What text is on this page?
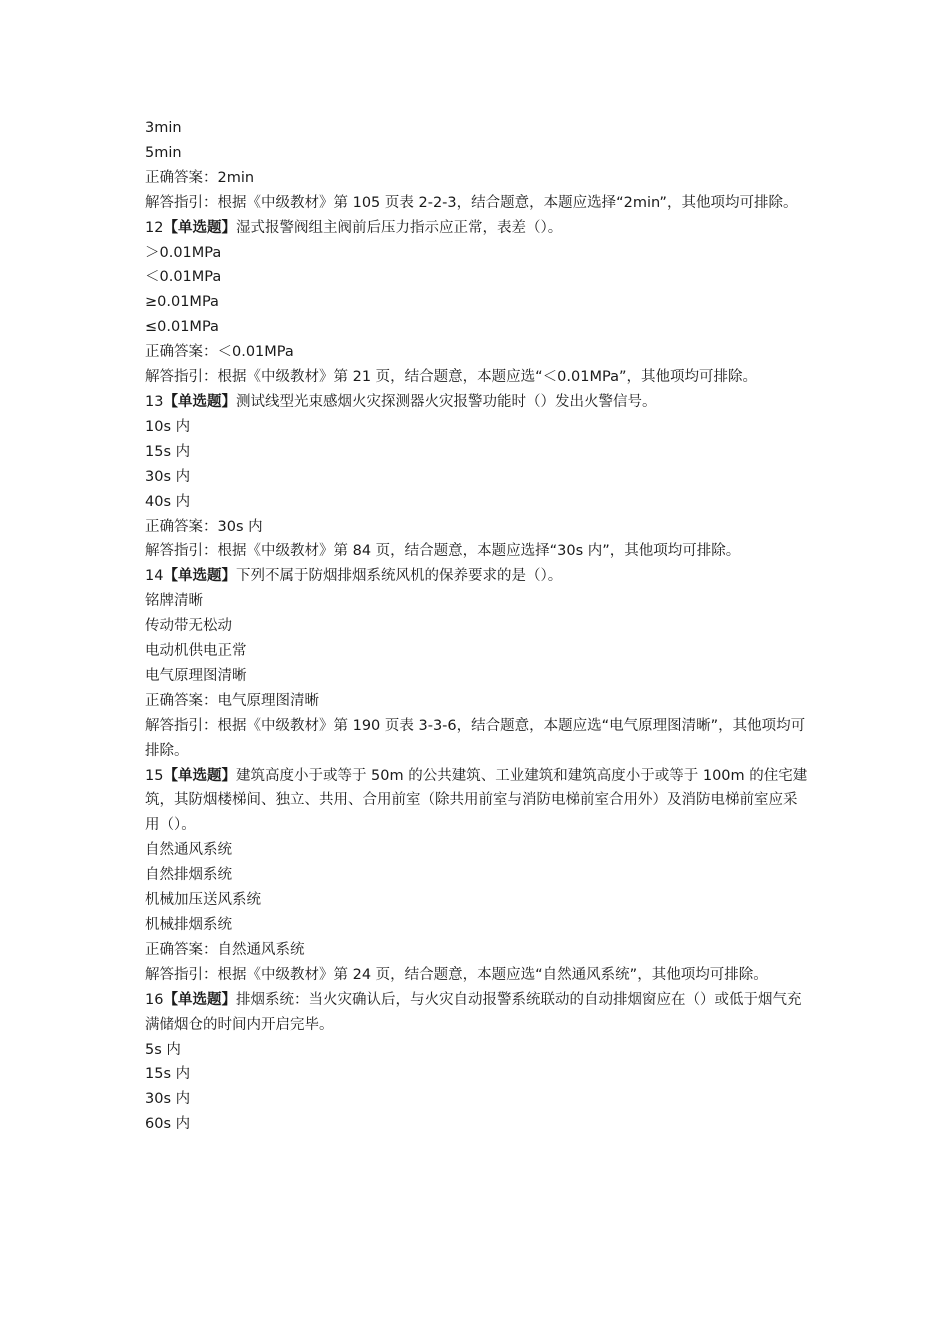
3min

5min

正确答案：2min

解答指引：根据《中级教材》第 105 页表 2-2-3，结合题意，本题应选择“2min”，其他项均可排除。

12【单选题】湿式报警阀组主阀前后压力指示应正常，表差（）。

＞0.01MPa

＜0.01MPa

≥0.01MPa

≤0.01MPa

正确答案：＜0.01MPa

解答指引：根据《中级教材》第 21 页，结合题意，本题应选“＜0.01MPa”，其他项均可排除。

13【单选题】测试线型光束感烟火灾探测器火灾报警功能时（）发出火警信号。

10s 内

15s 内

30s 内

40s 内

正确答案：30s 内

解答指引：根据《中级教材》第 84 页，结合题意，本题应选择“30s 内”，其他项均可排除。

14【单选题】下列不属于防烟排烟系统风机的保养要求的是（）。

铭牌清晰

传动带无松动

电动机供电正常

电气原理图清晰

正确答案：电气原理图清晰

解答指引：根据《中级教材》第 190 页表 3-3-6，结合题意，本题应选“电气原理图清晰”，其他项均可排除。

15【单选题】建筑高度小于或等于 50m 的公共建筑、工业建筑和建筑高度小于或等于 100m 的住宅建筑，其防烟楼梯间、独立、共用、合用前室（除共用前室与消防电梯前室合用外）及消防电梯前室应采用（）。

自然通风系统

自然排烟系统

机械加压送风系统

机械排烟系统

正确答案：自然通风系统

解答指引：根据《中级教材》第 24 页，结合题意，本题应选“自然通风系统”，其他项均可排除。

16【单选题】排烟系统：当火灾确认后，与火灾自动报警系统联动的自动排烟窗应在（）或低于烟气充满储烟仓的时间内开启完毕。

5s 内

15s 内

30s 内

60s 内
